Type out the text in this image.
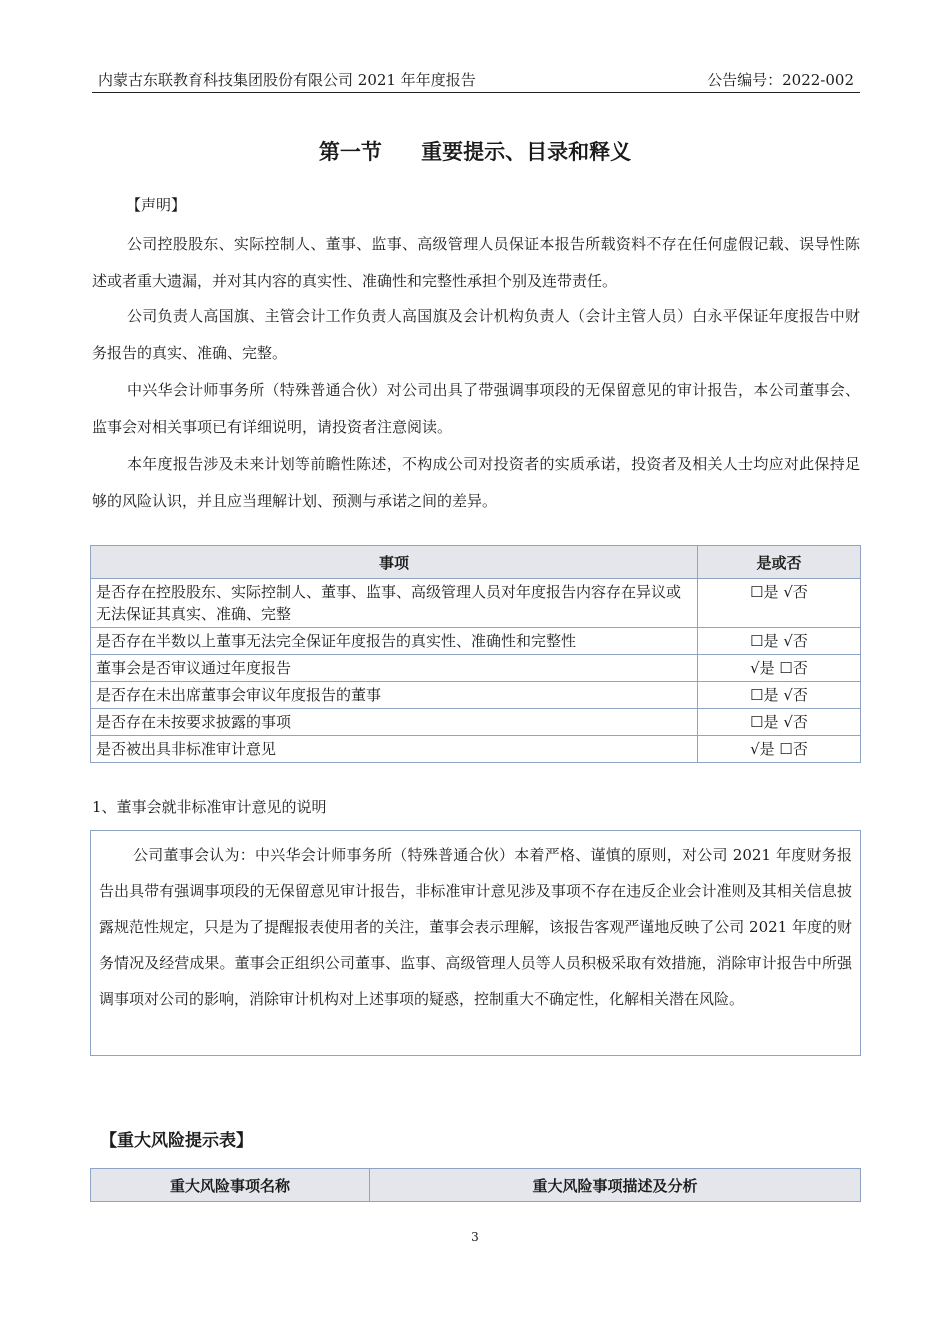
内蒙古东联教育科技集团股份有限公司 2021 年年度报告	公告编号：2022-002
第一节 重要提示、目录和释义
【声明】

公司控股股东、实际控制人、董事、监事、高级管理人员保证本报告所载资料不存在任何虚假记载、误导性陈述或者重大遗漏，并对其内容的真实性、准确性和完整性承担个别及连带责任。

公司负责人高国旗、主管会计工作负责人高国旗及会计机构负责人（会计主管人员）白永平保证年度报告中财务报告的真实、准确、完整。

中兴华会计师事务所（特殊普通合伙）对公司出具了带强调事项段的无保留意见的审计报告，本公司董事会、监事会对相关事项已有详细说明，请投资者注意阅读。

本年度报告涉及未来计划等前瞻性陈述，不构成公司对投资者的实质承诺，投资者及相关人士均应对此保持足够的风险认识，并且应当理解计划、预测与承诺之间的差异。

事项	是或否
是否存在控股股东、实际控制人、董事、监事、高级管理人员对年度报告内容存在异议或无法保证其真实、准确、完整	☐是 √否
是否存在半数以上董事无法完全保证年度报告的真实性、准确性和完整性	☐是 √否
董事会是否审议通过年度报告	√是 ☐否
是否存在未出席董事会审议年度报告的董事	☐是 √否
是否存在未按要求披露的事项	☐是 √否
是否被出具非标准审计意见	√是 ☐否
1、董事会就非标准审计意见的说明

公司董事会认为：中兴华会计师事务所（特殊普通合伙）本着严格、谨慎的原则，对公司 2021 年度财务报告出具带有强调事项段的无保留意见审计报告，非标准审计意见涉及事项不存在违反企业会计准则及其相关信息披露规范性规定，只是为了提醒报表使用者的关注，董事会表示理解，该报告客观严谨地反映了公司 2021 年度的财务情况及经营成果。董事会正组织公司董事、监事、高级管理人员等人员积极采取有效措施，消除审计报告中所强调事项对公司的影响，消除审计机构对上述事项的疑惑，控制重大不确定性，化解相关潜在风险。

【重大风险提示表】
重大风险事项名称	重大风险事项描述及分析
3
